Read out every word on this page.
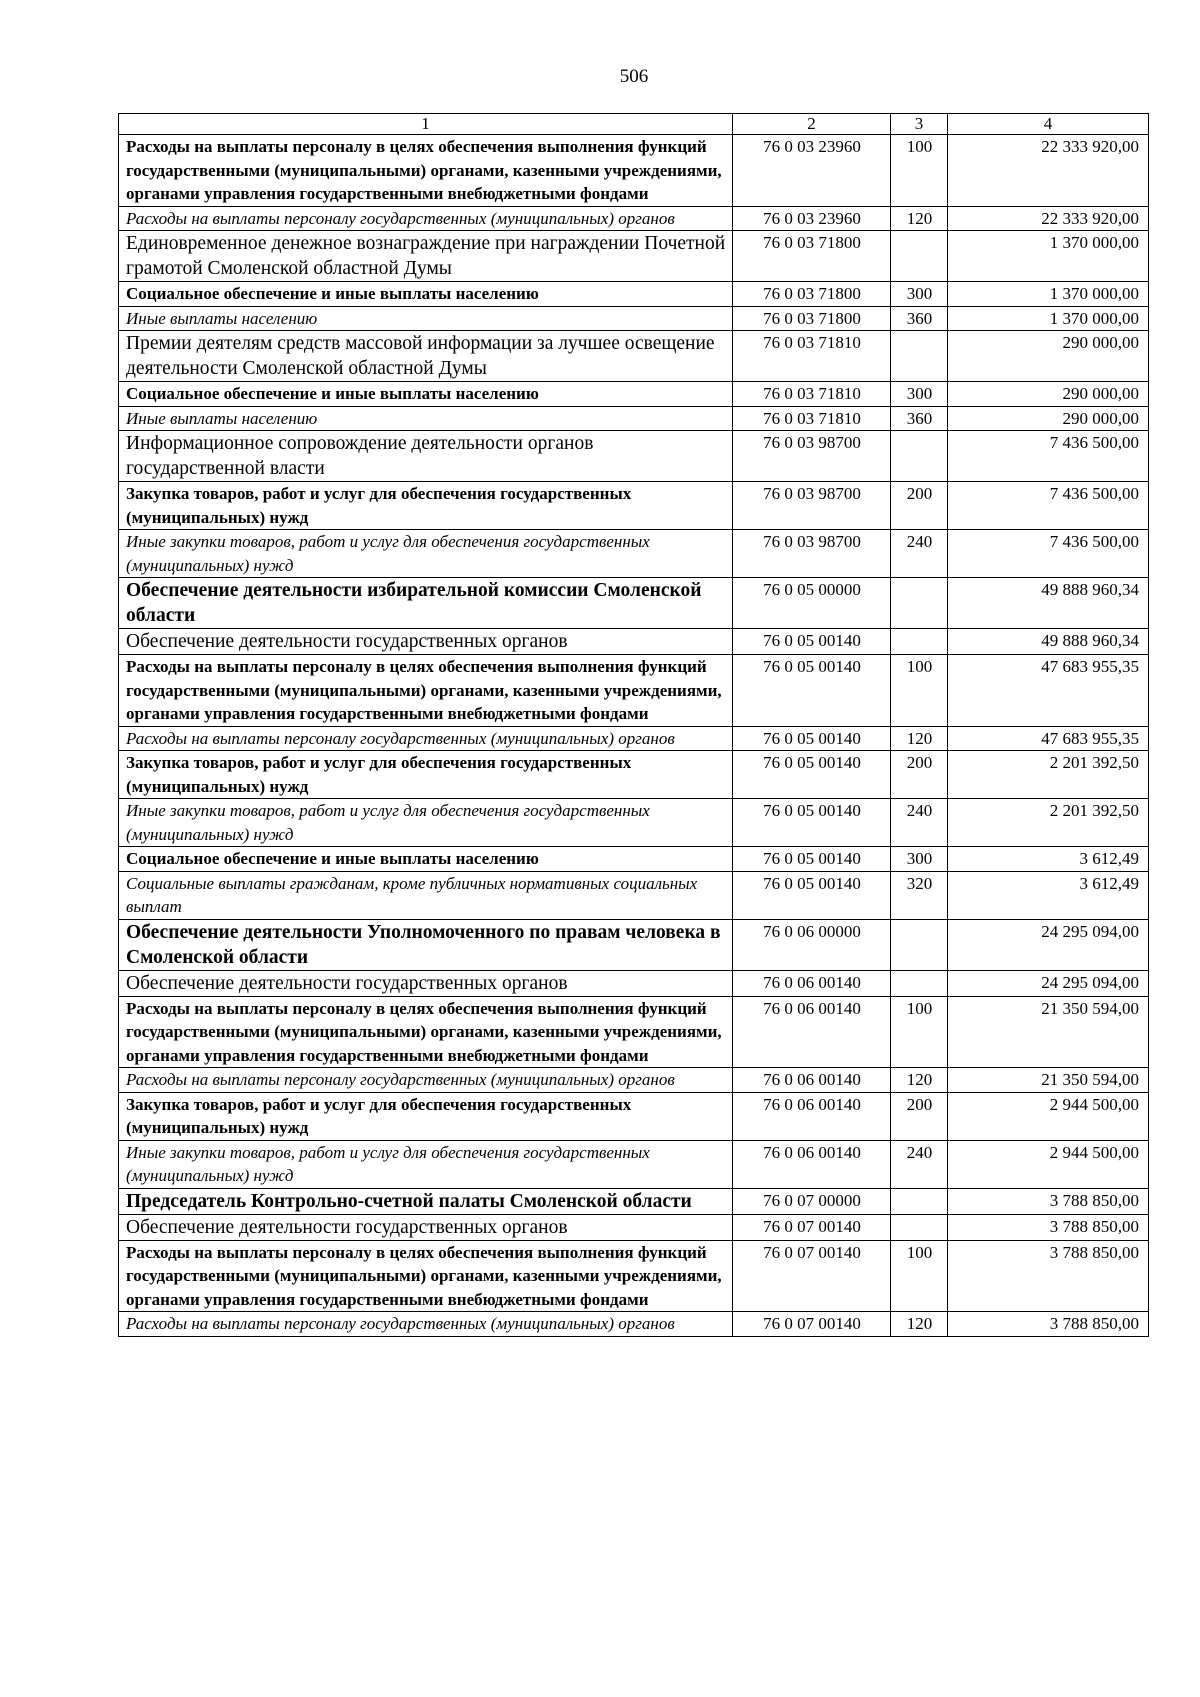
506
1	2	3	4
Расходы на выплаты персоналу в целях обеспечения выполнения функций государственными (муниципальными) органами, казенными учреждениями, органами управления государственными внебюджетными фондами	76 0 03 23960	100	22 333 920,00
Расходы на выплаты персоналу государственных (муниципальных) органов	76 0 03 23960	120	22 333 920,00
Единовременное денежное вознаграждение при награждении Почетной грамотой Смоленской областной Думы	76 0 03 71800		1 370 000,00
Социальное обеспечение и иные выплаты населению	76 0 03 71800	300	1 370 000,00
Иные выплаты населению	76 0 03 71800	360	1 370 000,00
Премии деятелям средств массовой информации за лучшее освещение деятельности Смоленской областной Думы	76 0 03 71810		290 000,00
Социальное обеспечение и иные выплаты населению	76 0 03 71810	300	290 000,00
Иные выплаты населению	76 0 03 71810	360	290 000,00
Информационное сопровождение деятельности органов государственной власти	76 0 03 98700		7 436 500,00
Закупка товаров, работ и услуг для обеспечения государственных (муниципальных) нужд	76 0 03 98700	200	7 436 500,00
Иные закупки товаров, работ и услуг для обеспечения государственных (муниципальных) нужд	76 0 03 98700	240	7 436 500,00
Обеспечение деятельности избирательной комиссии Смоленской области	76 0 05 00000		49 888 960,34
Обеспечение деятельности государственных органов	76 0 05 00140		49 888 960,34
Расходы на выплаты персоналу в целях обеспечения выполнения функций государственными (муниципальными) органами, казенными учреждениями, органами управления государственными внебюджетными фондами	76 0 05 00140	100	47 683 955,35
Расходы на выплаты персоналу государственных (муниципальных) органов	76 0 05 00140	120	47 683 955,35
Закупка товаров, работ и услуг для обеспечения государственных (муниципальных) нужд	76 0 05 00140	200	2 201 392,50
Иные закупки товаров, работ и услуг для обеспечения государственных (муниципальных) нужд	76 0 05 00140	240	2 201 392,50
Социальное обеспечение и иные выплаты населению	76 0 05 00140	300	3 612,49
Социальные выплаты гражданам, кроме публичных нормативных социальных выплат	76 0 05 00140	320	3 612,49
Обеспечение деятельности Уполномоченного по правам человека в Смоленской области	76 0 06 00000		24 295 094,00
Обеспечение деятельности государственных органов	76 0 06 00140		24 295 094,00
Расходы на выплаты персоналу в целях обеспечения выполнения функций государственными (муниципальными) органами, казенными учреждениями, органами управления государственными внебюджетными фондами	76 0 06 00140	100	21 350 594,00
Расходы на выплаты персоналу государственных (муниципальных) органов	76 0 06 00140	120	21 350 594,00
Закупка товаров, работ и услуг для обеспечения государственных (муниципальных) нужд	76 0 06 00140	200	2 944 500,00
Иные закупки товаров, работ и услуг для обеспечения государственных (муниципальных) нужд	76 0 06 00140	240	2 944 500,00
Председатель Контрольно-счетной палаты Смоленской области	76 0 07 00000		3 788 850,00
Обеспечение деятельности государственных органов	76 0 07 00140		3 788 850,00
Расходы на выплаты персоналу в целях обеспечения выполнения функций государственными (муниципальными) органами, казенными учреждениями, органами управления государственными внебюджетными фондами	76 0 07 00140	100	3 788 850,00
Расходы на выплаты персоналу государственных (муниципальных) органов	76 0 07 00140	120	3 788 850,00
